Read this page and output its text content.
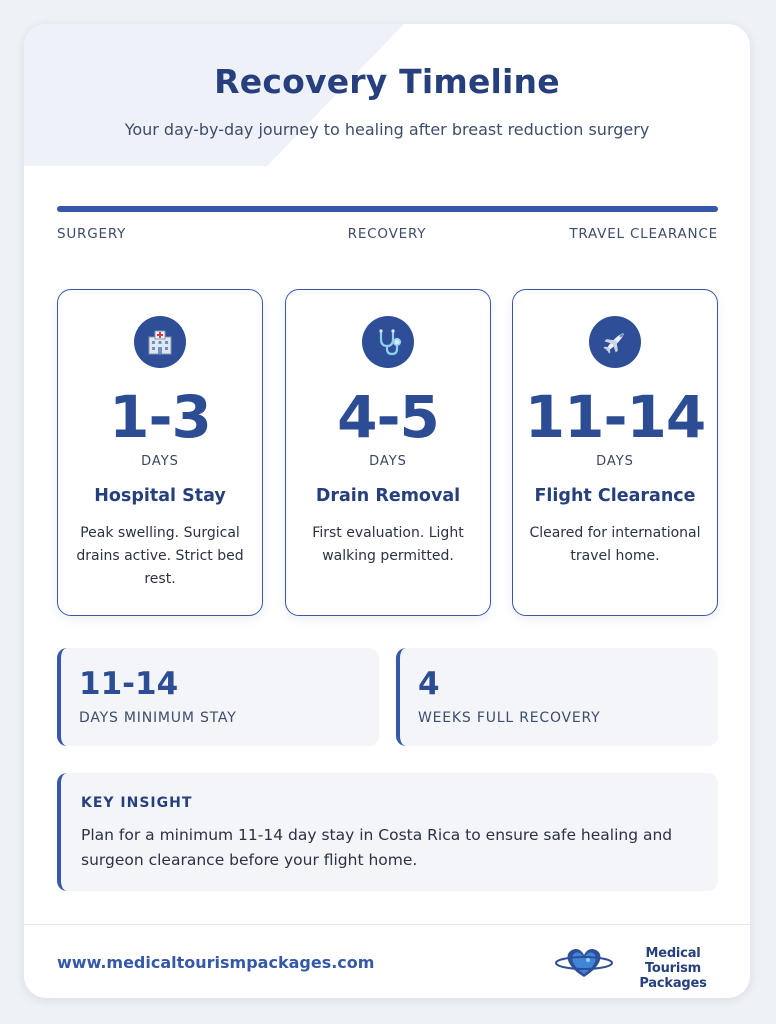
Recovery Timeline

Your day-by-day journey to healing after breast reduction surgery

SURGERY	RECOVERY	TRAVEL CLEARANCE
1-3
DAYS
Hospital Stay
Peak swelling. Surgical drains active. Strict bed rest.
4-5
DAYS
Drain Removal
First evaluation. Light walking permitted.
11-14
DAYS
Flight Clearance
Cleared for international travel home.
11-14
DAYS MINIMUM STAY
4
WEEKS FULL RECOVERY
KEY INSIGHT
Plan for a minimum 11-14 day stay in Costa Rica to ensure safe healing and surgeon clearance before your flight home.
www.medicaltourismpackages.com	Medical Tourism Packages
